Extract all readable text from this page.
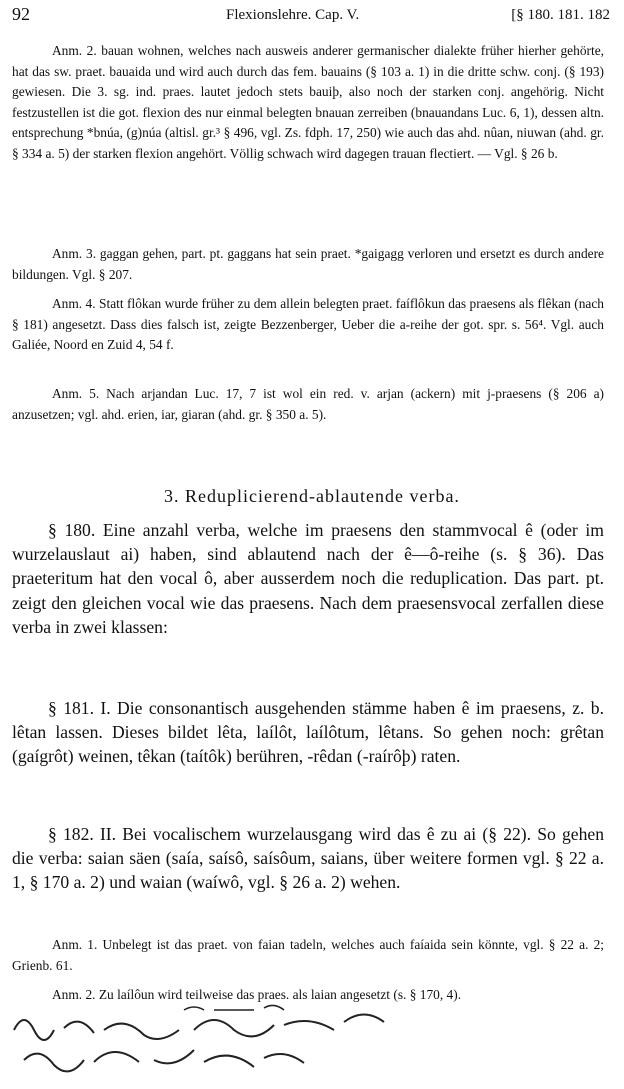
92	Flexionslehre. Cap. V.	[§ 180. 181. 182

Anm. 2. bauan wohnen, welches nach ausweis anderer germanischer dialekte früher hierher gehörte, hat das sw. praet. bauaida und wird auch durch das fem. bauains (§ 103 a. 1) in die dritte schw. conj. (§ 193) gewiesen. Die 3. sg. ind. praes. lautet jedoch stets bauiþ, also noch der starken conj. angehörig. Nicht festzustellen ist die got. flexion des nur einmal belegten bnauan zerreiben (bnauandans Luc. 6, 1), dessen altn. entsprechung *bnúa, (g)núa (altisl. gr.³ § 496, vgl. Zs. fdph. 17, 250) wie auch das ahd. nûan, niuwan (ahd. gr. § 334 a. 5) der starken flexion angehört. Völlig schwach wird dagegen trauan flectiert. — Vgl. § 26 b.

Anm. 3. gaggan gehen, part. pt. gaggans hat sein praet. *gaigagg verloren und ersetzt es durch andere bildungen. Vgl. § 207.

Anm. 4. Statt flôkan wurde früher zu dem allein belegten praet. faíflôkun das praesens als flêkan (nach § 181) angesetzt. Dass dies falsch ist, zeigte Bezzenberger, Ueber die a-reihe der got. spr. s. 56⁴. Vgl. auch Galiée, Noord en Zuid 4, 54 f.

Anm. 5. Nach arjandan Luc. 17, 7 ist wol ein red. v. arjan (ackern) mit j-praesens (§ 206 a) anzusetzen; vgl. ahd. erien, iar, giaran (ahd. gr. § 350 a. 5).

3. Reduplicierend-ablautende verba.

§ 180. Eine anzahl verba, welche im praesens den stammvocal ê (oder im wurzelauslaut ai) haben, sind ablautend nach der ê—ô-reihe (s. § 36). Das praeteritum hat den vocal ô, aber ausserdem noch die reduplication. Das part. pt. zeigt den gleichen vocal wie das praesens. Nach dem praesensvocal zerfallen diese verba in zwei klassen:

§ 181. I. Die consonantisch ausgehenden stämme haben ê im praesens, z. b. lêtan lassen. Dieses bildet lêta, laílôt, laílôtum, lêtans. So gehen noch: grêtan (gaígrôt) weinen, têkan (taítôk) berühren, -rêdan (-raírôþ) raten.

§ 182. II. Bei vocalischem wurzelausgang wird das ê zu ai (§ 22). So gehen die verba: saian säen (saía, saísô, saísôum, saians, über weitere formen vgl. § 22 a. 1, § 170 a. 2) und waian (waíwô, vgl. § 26 a. 2) wehen.

Anm. 1. Unbelegt ist das praet. von faian tadeln, welches auch faíaida sein könnte, vgl. § 22 a. 2; Grienb. 61.

Anm. 2. Zu laílôun wird teilweise das praes. als laian angesetzt (s. § 170, 4).
